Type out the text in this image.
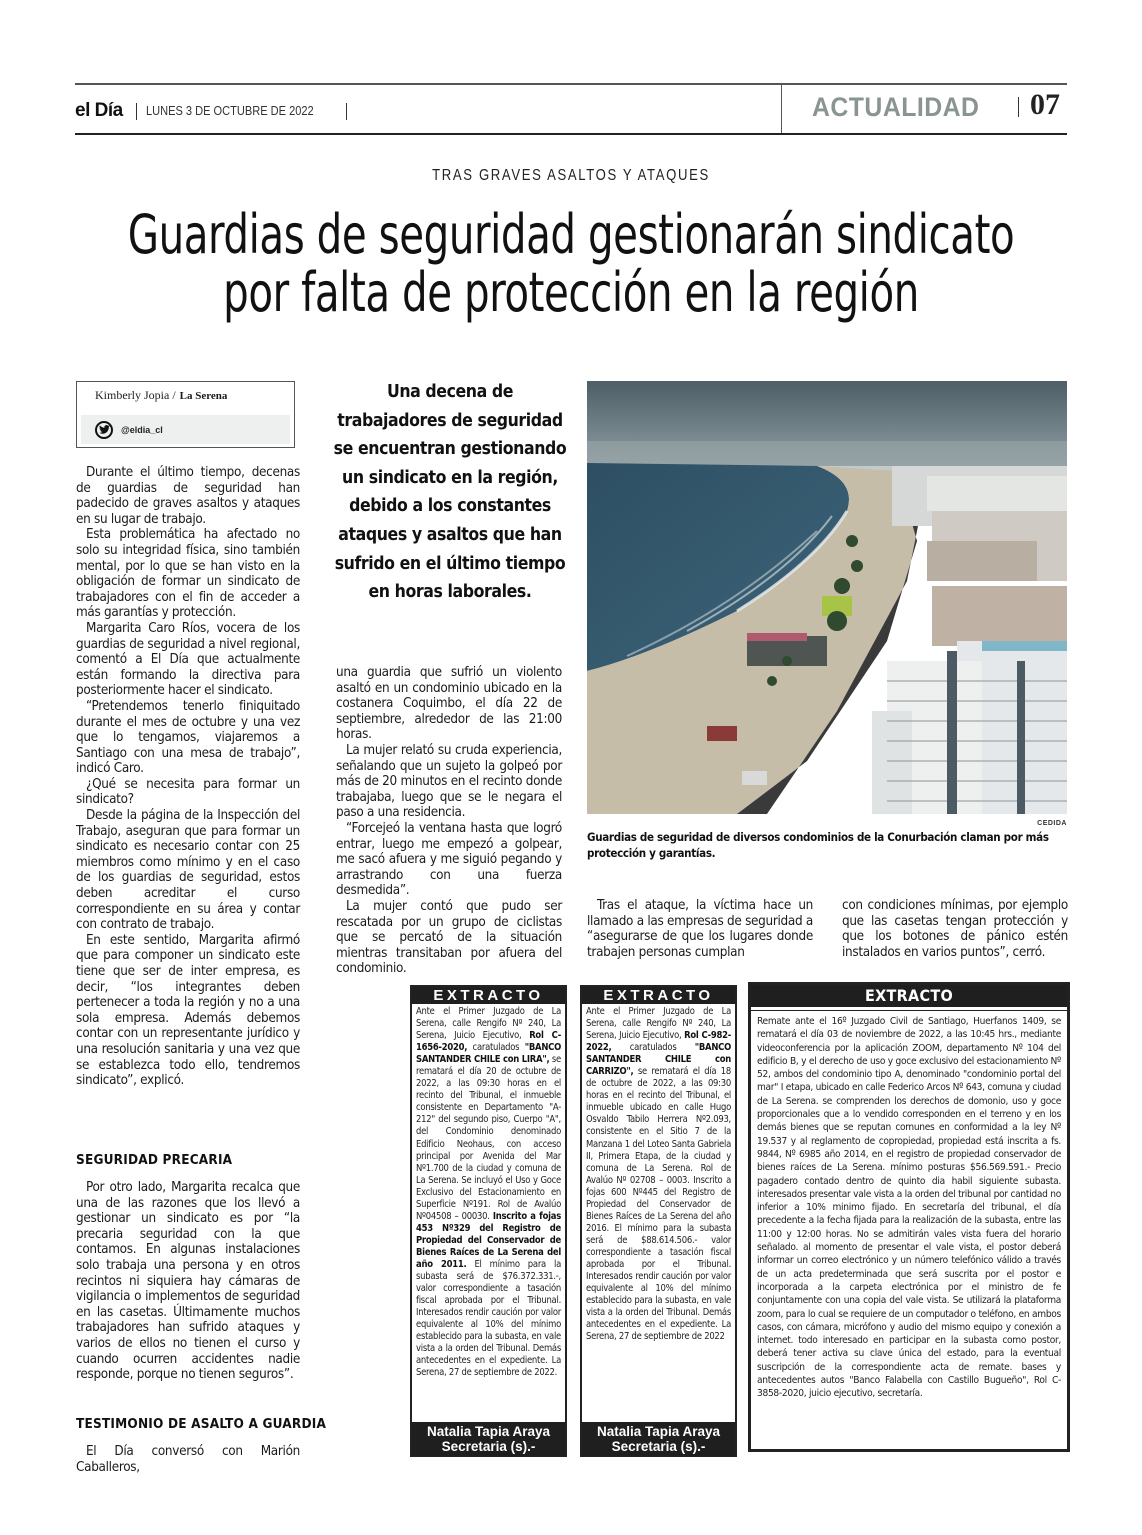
el Día LUNES 3 DE OCTUBRE DE 2022	ACTUALIDAD 07
TRAS GRAVES ASALTOS Y ATAQUES
Guardias de seguridad gestionarán sindicato
por falta de protección en la región
Kimberly Jopia / La Serena
@eldia_cl

Durante el último tiempo, decenas de guardias de seguridad han padecido de graves asaltos y ataques en su lugar de trabajo.

Esta problemática ha afectado no solo su integridad física, sino también mental, por lo que se han visto en la obligación de formar un sindicato de trabajadores con el fin de acceder a más garantías y protección.

Margarita Caro Ríos, vocera de los guardias de seguridad a nivel regional, comentó a El Día que actualmente están formando la directiva para posteriormente hacer el sindicato.

“Pretendemos tenerlo finiquitado durante el mes de octubre y una vez que lo tengamos, viajaremos a Santiago con una mesa de trabajo”, indicó Caro.

¿Qué se necesita para formar un sindicato?

Desde la página de la Inspección del Trabajo, aseguran que para formar un sindicato es necesario contar con 25 miembros como mínimo y en el caso de los guardias de seguridad, estos deben acreditar el curso correspondiente en su área y contar con contrato de trabajo.

En este sentido, Margarita afirmó que para componer un sindicato este tiene que ser de inter empresa, es decir, “los integrantes deben pertenecer a toda la región y no a una sola empresa. Además debemos contar con un representante jurídico y una resolución sanitaria y una vez que se establezca todo ello, tendremos sindicato”, explicó.

SEGURIDAD PRECARIA

Por otro lado, Margarita recalca que una de las razones que los llevó a gestionar un sindicato es por “la precaria seguridad con la que contamos. En algunas instalaciones solo trabaja una persona y en otros recintos ni siquiera hay cámaras de vigilancia o implementos de seguridad en las casetas. Últimamente muchos trabajadores han sufrido ataques y varios de ellos no tienen el curso y cuando ocurren accidentes nadie responde, porque no tienen seguros”.

TESTIMONIO DE ASALTO A GUARDIA

El Día conversó con Marión Caballeros,

Una decena de trabajadores de seguridad se encuentran gestionando un sindicato en la región, debido a los constantes ataques y asaltos que han sufrido en el último tiempo en horas laborales.

una guardia que sufrió un violento asaltó en un condominio ubicado en la costanera Coquimbo, el día 22 de septiembre, alrededor de las 21:00 horas.

La mujer relató su cruda experiencia, señalando que un sujeto la golpeó por más de 20 minutos en el recinto donde trabajaba, luego que se le negara el paso a una residencia.

“Forcejeó la ventana hasta que logró entrar, luego me empezó a golpear, me sacó afuera y me siguió pegando y arrastrando con una fuerza desmedida”.

La mujer contó que pudo ser rescatada por un grupo de ciclistas que se percató de la situación mientras transitaban por afuera del condominio.

CEDIDA
Guardias de seguridad de diversos condominios de la Conurbación claman por más protección y garantías.

Tras el ataque, la víctima hace un llamado a las empresas de seguridad a “asegurarse de que los lugares donde trabajen personas cumplan

con condiciones mínimas, por ejemplo que las casetas tengan protección y que los botones de pánico estén instalados en varios puntos”, cerró.

EXTRACTO
Ante el Primer Juzgado de La Serena, calle Rengifo Nº 240, La Serena, Juicio Ejecutivo, Rol C-1656-2020, caratulados "BANCO SANTANDER CHILE con LIRA", se rematará el día 20 de octubre de 2022, a las 09:30 horas en el recinto del Tribunal, el inmueble consistente en Departamento "A-212" del segundo piso, Cuerpo "A", del Condominio denominado Edificio Neohaus, con acceso principal por Avenida del Mar Nº1.700 de la ciudad y comuna de La Serena. Se incluyó el Uso y Goce Exclusivo del Estacionamiento en Superficie Nº191. Rol de Avalúo Nº04508 – 00030. Inscrito a fojas 453 Nº329 del Registro de Propiedad del Conservador de Bienes Raíces de La Serena del año 2011. El mínimo para la subasta será de $76.372.331.-, valor correspondiente a tasación fiscal aprobada por el Tribunal. Interesados rendir caución por valor equivalente al 10% del mínimo establecido para la subasta, en vale vista a la orden del Tribunal. Demás antecedentes en el expediente. La Serena, 27 de septiembre de 2022.
Natalia Tapia Araya
Secretaria (s).-
EXTRACTO
Ante el Primer Juzgado de La Serena, calle Rengifo Nº 240, La Serena, Juicio Ejecutivo, Rol C-982-2022, caratulados "BANCO SANTANDER CHILE con CARRIZO", se rematará el día 18 de octubre de 2022, a las 09:30 horas en el recinto del Tribunal, el inmueble ubicado en calle Hugo Osvaldo Tabilo Herrera Nº2.093, consistente en el Sitio 7 de la Manzana 1 del Loteo Santa Gabriela II, Primera Etapa, de la ciudad y comuna de La Serena. Rol de Avalúo Nº 02708 – 0003. Inscrito a fojas 600 Nº445 del Registro de Propiedad del Conservador de Bienes Raíces de La Serena del año 2016. El mínimo para la subasta será de $88.614.506.- valor correspondiente a tasación fiscal aprobada por el Tribunal. Interesados rendir caución por valor equivalente al 10% del mínimo establecido para la subasta, en vale vista a la orden del Tribunal. Demás antecedentes en el expediente. La Serena, 27 de septiembre de 2022
Natalia Tapia Araya
Secretaria (s).-
EXTRACTO
Remate ante el 16º Juzgado Civil de Santiago, Huerfanos 1409, se rematará el día 03 de noviembre de 2022, a las 10:45 hrs., mediante videoconferencia por la aplicación ZOOM, departamento Nº 104 del edificio B, y el derecho de uso y goce exclusivo del estacionamiento Nº 52, ambos del condominio tipo A, denominado "condominio portal del mar" I etapa, ubicado en calle Federico Arcos Nº 643, comuna y ciudad de La Serena. se comprenden los derechos de domonio, uso y goce proporcionales que a lo vendido corresponden en el terreno y en los demás bienes que se reputan comunes en conformidad a la ley Nº 19.537 y al reglamento de copropiedad, propiedad está inscrita a fs. 9844, Nº 6985 año 2014, en el registro de propiedad conservador de bienes raíces de La Serena. mínimo posturas $56.569.591.- Precio pagadero contado dentro de quinto dia habil siguiente subasta. interesados presentar vale vista a la orden del tribunal por cantidad no inferior a 10% minimo fijado. En secretaría del tribunal, el día precedente a la fecha fijada para la realización de la subasta, entre las 11:00 y 12:00 horas. No se admitirán vales vista fuera del horario señalado. al momento de presentar el vale vista, el postor deberá informar un correo electrónico y un número telefónico válido a través de un acta predeterminada que será suscrita por el postor e incorporada a la carpeta electrónica por el ministro de fe conjuntamente con una copia del vale vista. Se utilizará la plataforma zoom, para lo cual se requiere de un computador o teléfono, en ambos casos, con cámara, micrófono y audio del mismo equipo y conexión a internet. todo interesado en participar en la subasta como postor, deberá tener activa su clave única del estado, para la eventual suscripción de la correspondiente acta de remate. bases y antecedentes autos "Banco Falabella con Castillo Bugueño", Rol C-3858-2020, juicio ejecutivo, secretaría.
